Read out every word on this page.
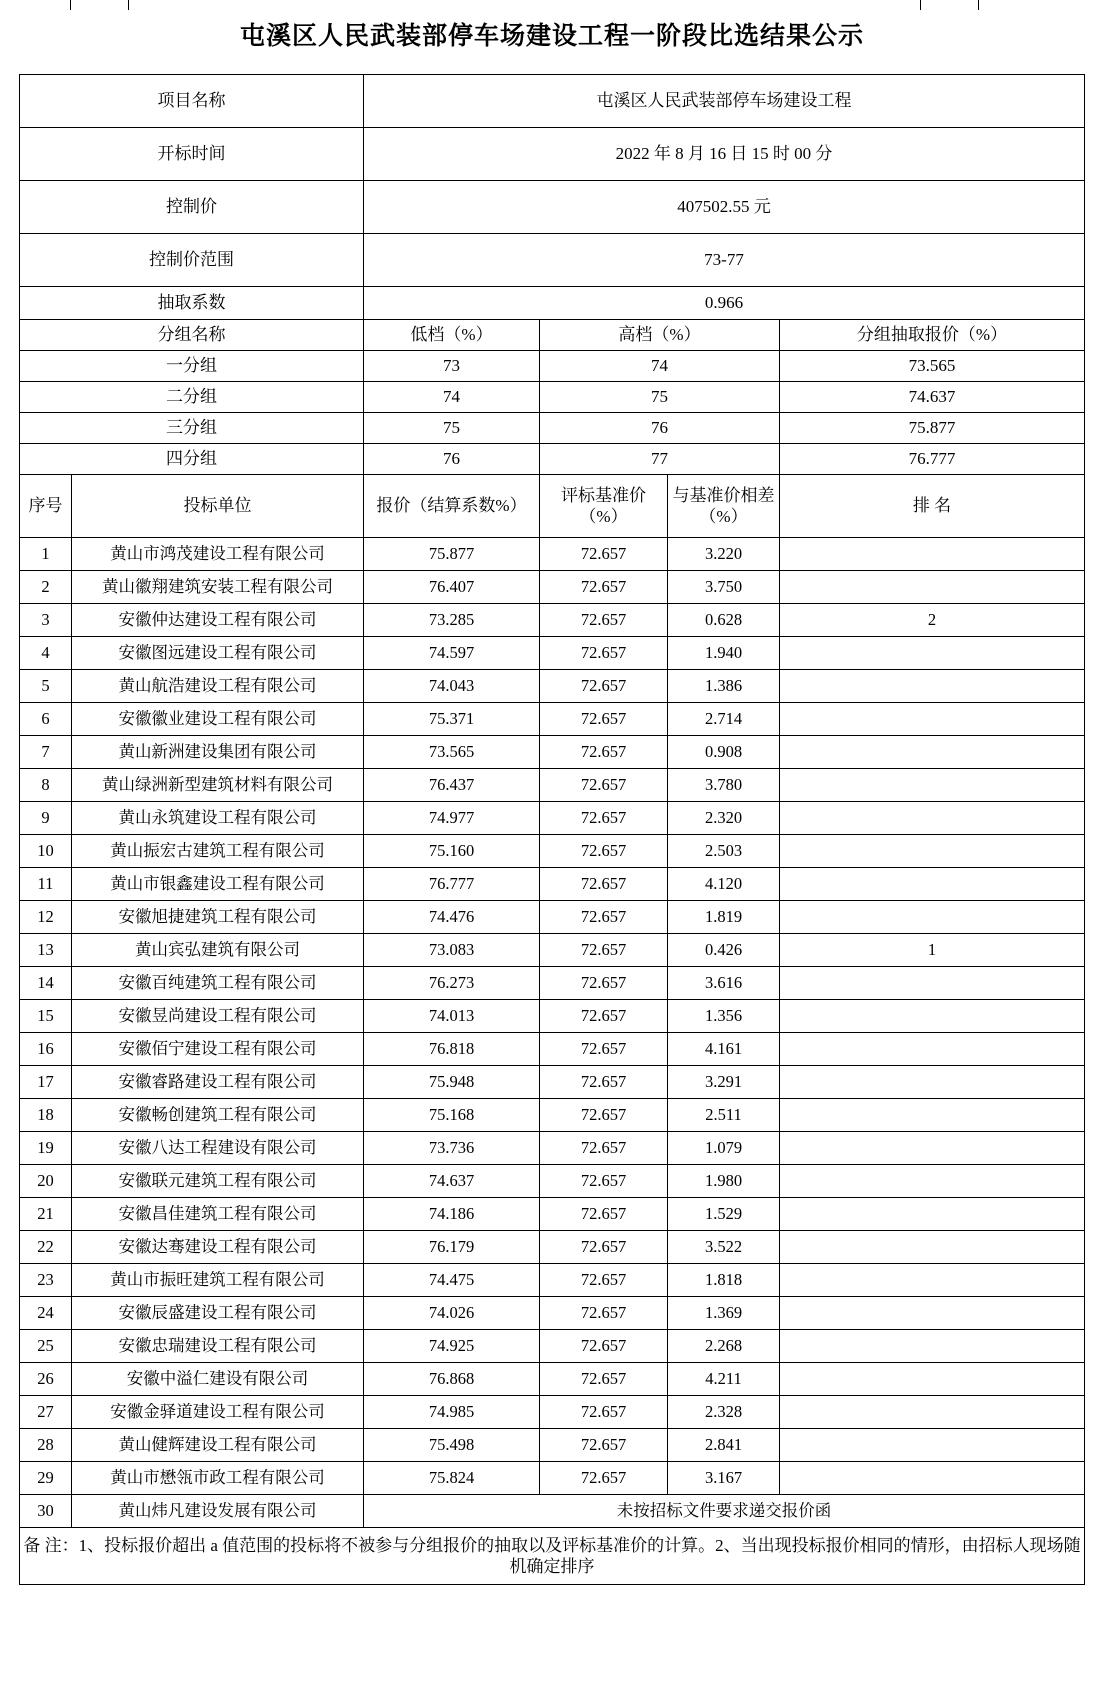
屯溪区人民武装部停车场建设工程一阶段比选结果公示
项目名称		屯溪区人民武装部停车场建设工程			
开标时间		2022 年 8 月 16 日 15 时 00 分			
控制价		407502.55 元			
控制价范围		73-77			
抽取系数		0.966			
分组名称		低档（%）	高档（%）		分组抽取报价（%）
一分组		73	74		73.565
二分组		74	75		74.637
三分组		75	76		75.877
四分组		76	77		76.777
序号	投标单位	报价（结算系数%）	评标基准价（%）	与基准价相差（%）	排 名
1	黄山市鸿茂建设工程有限公司	75.877	72.657	3.220	
2	黄山徽翔建筑安装工程有限公司	76.407	72.657	3.750	
3	安徽仲达建设工程有限公司	73.285	72.657	0.628	2
4	安徽图远建设工程有限公司	74.597	72.657	1.940	
5	黄山航浩建设工程有限公司	74.043	72.657	1.386	
6	安徽徽业建设工程有限公司	75.371	72.657	2.714	
7	黄山新洲建设集团有限公司	73.565	72.657	0.908	
8	黄山绿洲新型建筑材料有限公司	76.437	72.657	3.780	
9	黄山永筑建设工程有限公司	74.977	72.657	2.320	
10	黄山振宏古建筑工程有限公司	75.160	72.657	2.503	
11	黄山市银鑫建设工程有限公司	76.777	72.657	4.120	
12	安徽旭捷建筑工程有限公司	74.476	72.657	1.819	
13	黄山宾弘建筑有限公司	73.083	72.657	0.426	1
14	安徽百纯建筑工程有限公司	76.273	72.657	3.616	
15	安徽昱尚建设工程有限公司	74.013	72.657	1.356	
16	安徽佰宁建设工程有限公司	76.818	72.657	4.161	
17	安徽睿路建设工程有限公司	75.948	72.657	3.291	
18	安徽畅创建筑工程有限公司	75.168	72.657	2.511	
19	安徽八达工程建设有限公司	73.736	72.657	1.079	
20	安徽联元建筑工程有限公司	74.637	72.657	1.980	
21	安徽昌佳建筑工程有限公司	74.186	72.657	1.529	
22	安徽达骞建设工程有限公司	76.179	72.657	3.522	
23	黄山市振旺建筑工程有限公司	74.475	72.657	1.818	
24	安徽辰盛建设工程有限公司	74.026	72.657	1.369	
25	安徽忠瑞建设工程有限公司	74.925	72.657	2.268	
26	安徽中溢仁建设有限公司	76.868	72.657	4.211	
27	安徽金驿道建设工程有限公司	74.985	72.657	2.328	
28	黄山健辉建设工程有限公司	75.498	72.657	2.841	
29	黄山市懋瓴市政工程有限公司	75.824	72.657	3.167	
30	黄山炜凡建设发展有限公司	未按招标文件要求递交报价函			
备 注：1、投标报价超出 a 值范围的投标将不被参与分组报价的抽取以及评标基准价的计算。2、当出现投标报价相同的情形，由招标人现场随机确定排序					
